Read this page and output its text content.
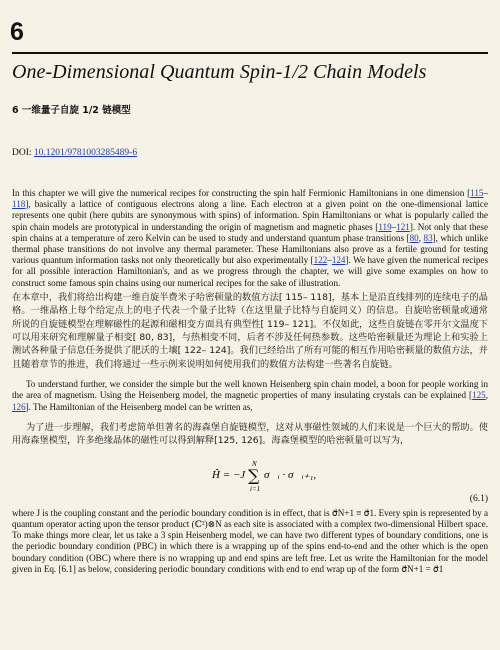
6
One-Dimensional Quantum Spin-1/2 Chain Models
6 一维量子自旋 1/2 链模型
DOI: 10.1201/9781003285489-6

In this chapter we will give the numerical recipes for constructing the spin half Fermionic Hamiltonians in one dimension [115–118], basically a lattice of contiguous electrons along a line. Each electron at a given point on the one-dimensional lattice represents one qubit (here qubits are synonymous with spins) of information. Spin Hamiltonians or what is popularly called the spin chain models are prototypical in understanding the origin of magnetism and magnetic phases [119–121]. Not only that these spin chains at a temperature of zero Kelvin can be used to study and understand quantum phase transitions [80, 83], which unlike thermal phase transitions do not involve any thermal parameter. These Hamiltonians also prove as a fertile ground for testing various quantum information tasks not only theoretically but also experimentally [122–124]. We have given the numerical recipes for all possible interaction Hamiltonian's, and as we progress through the chapter, we will give some examples on how to construct some famous spin chains using our numerical recipes for the sake of illustration.

在本章中，我们将给出构建一维自旋半费米子哈密顿量的数值方法[ 115– 118]，基本上是沿直线排列的连续电子的晶格。一维晶格上每个给定点上的电子代表一个量子比特（在这里量子比特与自旋同义）的信息。自旋哈密顿量或通常所说的自旋链模型在理解磁性的起源和磁相变方面具有典型性[ 119– 121]。不仅如此，这些自旋链在零开尔文温度下可以用来研究和理解量子相变[ 80, 83]，与热相变不同，后者不涉及任何热参数。这些哈密顿量还为理论上和实验上测试各种量子信息任务提供了肥沃的土壤[ 122– 124]。我们已经给出了所有可能的相互作用哈密顿量的数值方法，并且随着章节的推进，我们将通过一些示例来说明如何使用我们的数值方法构建一些著名自旋链。

To understand further, we consider the simple but the well known Heisenberg spin chain model, a boon for people working in the area of magnetism. Using the Heisenberg model, the magnetic properties of many insulating crystals can be explained [125, 126]. The Hamiltonian of the Heisenberg model can be written as,

为了进一步理解，我们考虑简单但著名的海森堡自旋链模型，这对从事磁性领域的人们来说是一个巨大的帮助。使用海森堡模型，许多绝缘晶体的磁性可以得到解释[125, 126]。海森堡模型的哈密顿量可以写为，

Ĥ = −J ∑
N
i=1
σ⃗ᵢ · σ⃗ᵢ₊₁,
(6.1)

where J is the coupling constant and the periodic boundary condition is in effect, that is σ⃗N+1 ≡ σ⃗1. Every spin is represented by a quantum operator acting upon the tensor product (ℂ²)⊗N as each site is associated with a complex two-dimensional Hilbert space. To make things more clear, let us take a 3 spin Heisenberg model, we can have two different types of boundary conditions, one is the periodic boundary condition (PBC) in which there is a wrapping up of the spins end-to-end and the other which is the open boundary condition (OBC) where there is no wrapping up and end spins are left free. Let us write the Hamiltonian for the model given in Eq. [6.1] as below, considering periodic boundary conditions with end to end wrap up of the form σ⃗N+1 = σ⃗1
